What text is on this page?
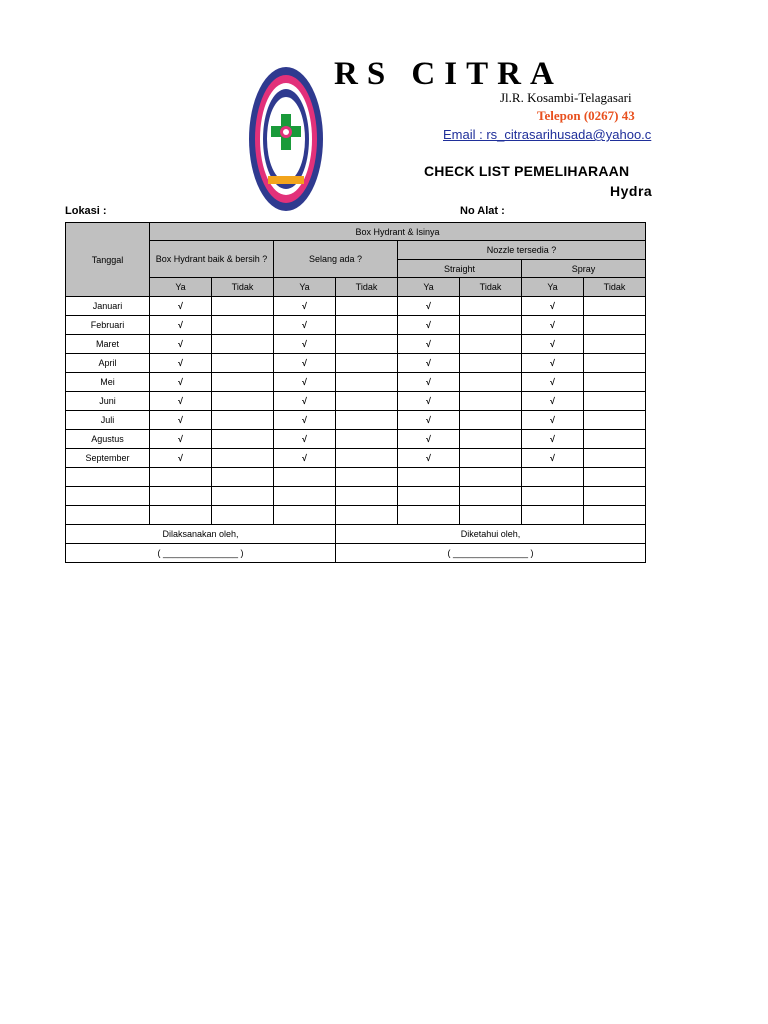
RS CITRA
Jl.R. Kosambi-Telagasari
Telepon (0267) 43
Email : rs_citrasarihusada@yahoo.c
CHECK LIST PEMELIHARAAN
Hydra
Lokasi :	No Alat :
Tanggal	Box Hydrant & Isinya							
	Box Hydrant baik & bersih ?		Selang ada ?		Nozzle tersedia ?			
					Straight		Spray	
	Ya	Tidak	Ya	Tidak	Ya	Tidak	Ya	Tidak
Januari	√		√		√		√	
Februari	√		√		√		√	
Maret	√		√		√		√	
April	√		√		√		√	
Mei	√		√		√		√	
Juni	√		√		√		√	
Juli	√		√		√		√	
Agustus	√		√		√		√	
September	√		√		√		√	

Dilaksanakan oleh,				Diketahui oleh,				
( _______________ )				( _______________ )				
